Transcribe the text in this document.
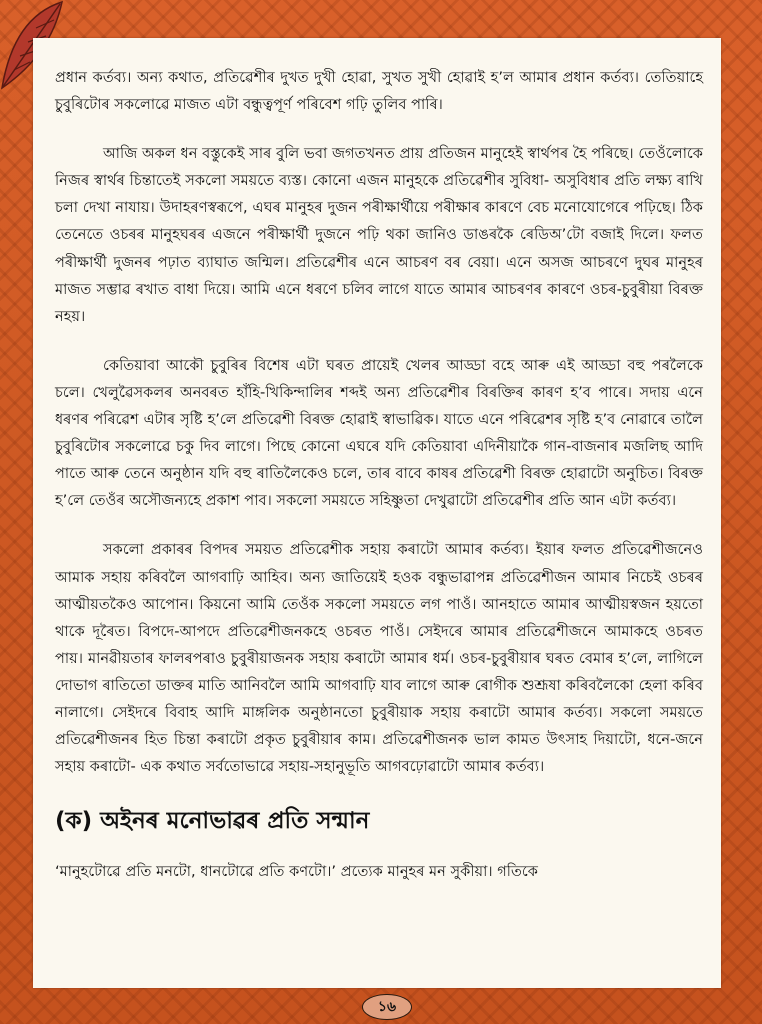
প্ৰধান কৰ্তব্য। অন্য কথাত, প্ৰতিৱেশীৰ দুখত দুখী হোৱা, সুখত সুখী হোৱাই হ’ল আমাৰ প্ৰধান কৰ্তব্য। তেতিয়াহে চুবুৰিটোৰ সকলোৱে মাজত এটা বন্ধুত্বপূৰ্ণ পৰিবেশ গঢ়ি তুলিব পাৰি।

আজি অকল ধন বস্তুকেই সাৰ বুলি ভবা জগতখনত প্ৰায় প্ৰতিজন মানুহেই স্বাৰ্থপৰ হৈ পৰিছে। তেওঁলোকে নিজৰ স্বাৰ্থৰ চিন্তাতেই সকলো সময়তে ব্যস্ত। কোনো এজন মানুহকে প্ৰতিৱেশীৰ সুবিধা- অসুবিধাৰ প্ৰতি লক্ষ্য ৰাখি চলা দেখা নাযায়। উদাহৰণস্বৰূপে, এঘৰ মানুহৰ দুজন পৰীক্ষাৰ্থীয়ে পৰীক্ষাৰ কাৰণে বেচ মনোযোগেৰে পঢ়িছে। ঠিক তেনেতে ওচৰৰ মানুহঘৰৰ এজনে পৰীক্ষাৰ্থী দুজনে পঢ়ি থকা জানিও ডাঙৰকৈ ৰেডিঅ’টো বজাই দিলে। ফলত পৰীক্ষাৰ্থী দুজনৰ পঢ়াত ব্যাঘাত জন্মিল। প্ৰতিৱেশীৰ এনে আচৰণ বৰ বেয়া। এনে অসজ আচৰণে দুঘৰ মানুহৰ মাজত সম্ভাৱ ৰখাত বাধা দিয়ে। আমি এনে ধৰণে চলিব লাগে যাতে আমাৰ আচৰণৰ কাৰণে ওচৰ-চুবুৰীয়া বিৰক্ত নহয়।

কেতিয়াবা আকৌ চুবুৰিৰ বিশেষ এটা ঘৰত প্ৰায়েই খেলৰ আড্ডা বহে আৰু এই আড্ডা বহু পৰলৈকে চলে। খেলুৱৈসকলৰ অনবৰত হাঁহি-খিকিন্দালিৰ শব্দই অন্য প্ৰতিৱেশীৰ বিৰক্তিৰ কাৰণ হ’ব পাৰে। সদায় এনে ধৰণৰ পৰিৱেশ এটাৰ সৃষ্টি হ’লে প্ৰতিৱেশী বিৰক্ত হোৱাই স্বাভাৱিক। যাতে এনে পৰিৱেশৰ সৃষ্টি হ’ব নোৱাৰে তালৈ চুবুৰিটোৰ সকলোৱে চকু দিব লাগে। পিছে কোনো এঘৰে যদি কেতিয়াবা এদিনীয়াকৈ গান-বাজনাৰ মজলিছ আদি পাতে আৰু তেনে অনুষ্ঠান যদি বহু ৰাতিলৈকেও চলে, তাৰ বাবে কাষৰ প্ৰতিৱেশী বিৰক্ত হোৱাটো অনুচিত। বিৰক্ত হ’লে তেওঁৰ অসৌজন্যহে প্ৰকাশ পাব। সকলো সময়তে সহিষ্ণুতা দেখুৱাটো প্ৰতিৱেশীৰ প্ৰতি আন এটা কৰ্তব্য।

সকলো প্ৰকাৰৰ বিপদৰ সময়ত প্ৰতিৱেশীক সহায় কৰাটো আমাৰ কৰ্তব্য। ইয়াৰ ফলত প্ৰতিৱেশীজনেও আমাক সহায় কৰিবলৈ আগবাঢ়ি আহিব। অন্য জাতিয়েই হওক বন্ধুভাৱাপন্ন প্ৰতিৱেশীজন আমাৰ নিচেই ওচৰৰ আত্মীয়তকৈও আপোন। কিয়নো আমি তেওঁক সকলো সময়তে লগ পাওঁ। আনহাতে আমাৰ আত্মীয়স্বজন হয়তো থাকে দূৰৈত। বিপদে-আপদে প্ৰতিৱেশীজনকহে ওচৰত পাওঁ। সেইদৰে আমাৰ প্ৰতিৱেশীজনে আমাকহে ওচৰত পায়। মানৱীয়তাৰ ফালৰপৰাও চুবুৰীয়াজনক সহায় কৰাটো আমাৰ ধৰ্ম। ওচৰ-চুবুৰীয়াৰ ঘৰত বেমাৰ হ’লে, লাগিলে দোভাগ ৰাতিতো ডাক্তৰ মাতি আনিবলৈ আমি আগবাঢ়ি যাব লাগে আৰু ৰোগীক শুশ্ৰূষা কৰিবলৈকো হেলা কৰিব নালাগে। সেইদৰে বিবাহ আদি মাঙ্গলিক অনুষ্ঠানতো চুবুৰীয়াক সহায় কৰাটো আমাৰ কৰ্তব্য। সকলো সময়তে প্ৰতিৱেশীজনৰ হিত চিন্তা কৰাটো প্ৰকৃত চুবুৰীয়াৰ কাম। প্ৰতিৱেশীজনক ভাল কামত উৎসাহ দিয়াটো, ধনে-জনে সহায় কৰাটো- এক কথাত সৰ্বতোভাৱে সহায়-সহানুভূতি আগবঢ়োৱাটো আমাৰ কৰ্তব্য।

(ক) অইনৰ মনোভাৱৰ প্ৰতি সন্মান

‘মানুহটোৱে প্ৰতি মনটো, ধানটোৱে প্ৰতি কণটো।’ প্ৰত্যেক মানুহৰ মন সুকীয়া। গতিকে

১৬
